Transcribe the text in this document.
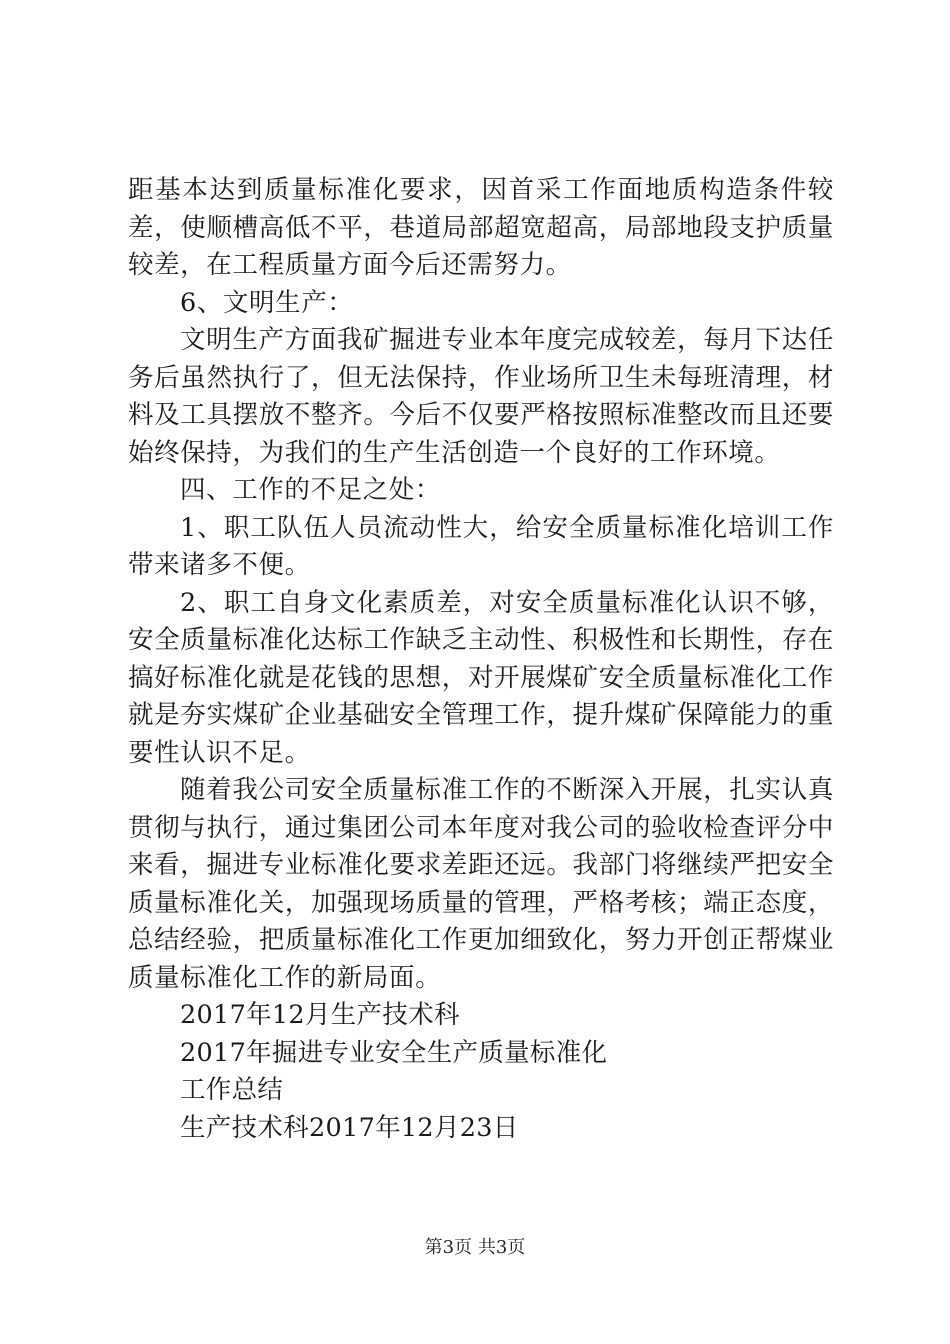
距基本达到质量标准化要求，因首采工作面地质构造条件较差，使顺槽高低不平，巷道局部超宽超高，局部地段支护质量较差，在工程质量方面今后还需努力。

6、文明生产：

文明生产方面我矿掘进专业本年度完成较差，每月下达任务后虽然执行了，但无法保持，作业场所卫生未每班清理，材料及工具摆放不整齐。今后不仅要严格按照标准整改而且还要始终保持，为我们的生产生活创造一个良好的工作环境。

四、工作的不足之处：

1、职工队伍人员流动性大，给安全质量标准化培训工作带来诸多不便。

2、职工自身文化素质差，对安全质量标准化认识不够，安全质量标准化达标工作缺乏主动性、积极性和长期性，存在搞好标准化就是花钱的思想，对开展煤矿安全质量标准化工作就是夯实煤矿企业基础安全管理工作，提升煤矿保障能力的重要性认识不足。

随着我公司安全质量标准工作的不断深入开展，扎实认真贯彻与执行，通过集团公司本年度对我公司的验收检查评分中来看，掘进专业标准化要求差距还远。我部门将继续严把安全质量标准化关，加强现场质量的管理，严格考核；端正态度，总结经验，把质量标准化工作更加细致化，努力开创正帮煤业质量标准化工作的新局面。

2017年12月生产技术科

2017年掘进专业安全生产质量标准化

工作总结

生产技术科2017年12月23日

第3页 共3页
